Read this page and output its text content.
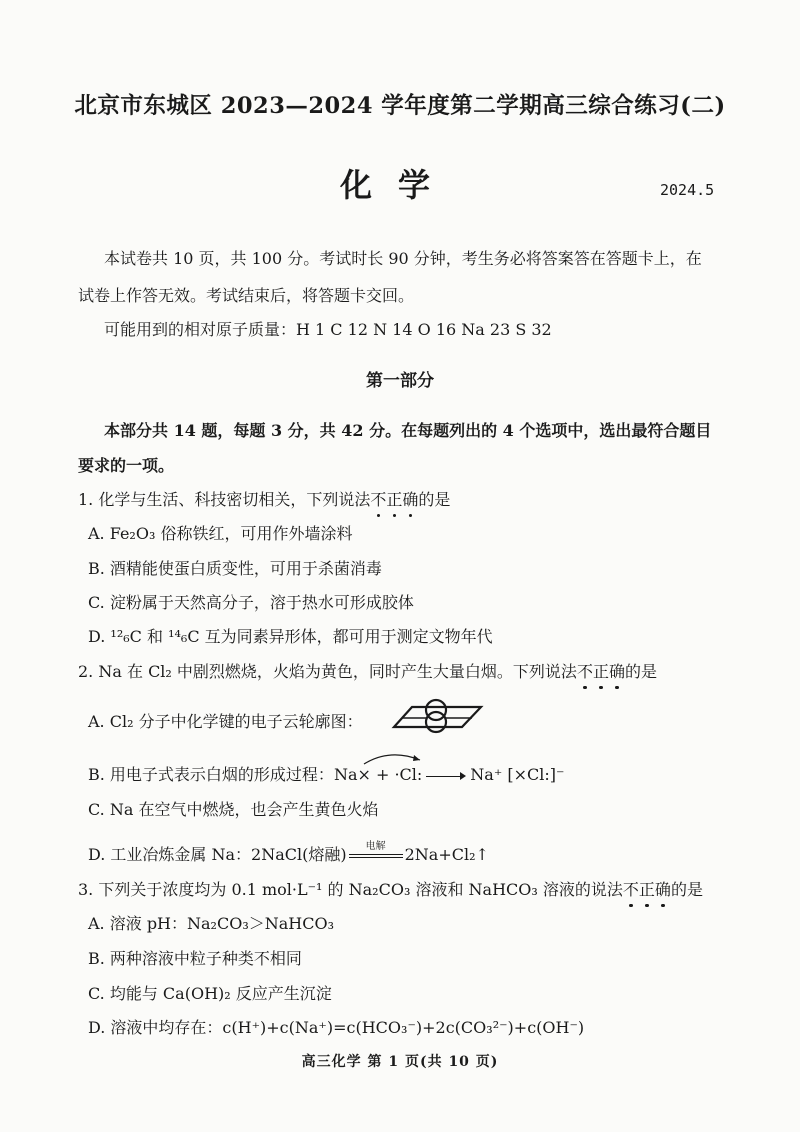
北京市东城区 2023—2024 学年度第二学期高三综合练习(二)
化学	2024.5
本试卷共 10 页，共 100 分。考试时长 90 分钟，考生务必将答案答在答题卡上，在
试卷上作答无效。考试结束后，将答题卡交回。
可能用到的相对原子质量：H 1 C 12 N 14 O 16 Na 23 S 32
第一部分
本部分共 14 题，每题 3 分，共 42 分。在每题列出的 4 个选项中，选出最符合题目
要求的一项。
1. 化学与生活、科技密切相关，下列说法不正确的是
A. Fe₂O₃ 俗称铁红，可用作外墙涂料
B. 酒精能使蛋白质变性，可用于杀菌消毒
C. 淀粉属于天然高分子，溶于热水可形成胶体
D. ¹²₆C 和 ¹⁴₆C 互为同素异形体，都可用于测定文物年代
2. Na 在 Cl₂ 中剧烈燃烧，火焰为黄色，同时产生大量白烟。下列说法不正确的是
A. Cl₂ 分子中化学键的电子云轮廓图：
B. 用电子式表示白烟的形成过程：Na× + ·Cl:	Na⁺ [×Cl:]⁻
C. Na 在空气中燃烧，也会产生黄色火焰
D. 工业冶炼金属 Na：2NaCl(熔融)	电解	2Na+Cl₂↑
3. 下列关于浓度均为 0.1 mol·L⁻¹ 的 Na₂CO₃ 溶液和 NaHCO₃ 溶液的说法不正确的是
A. 溶液 pH：Na₂CO₃＞NaHCO₃
B. 两种溶液中粒子种类不相同
C. 均能与 Ca(OH)₂ 反应产生沉淀
D. 溶液中均存在：c(H⁺)+c(Na⁺)=c(HCO₃⁻)+2c(CO₃²⁻)+c(OH⁻)
高三化学 第 1 页(共 10 页)
